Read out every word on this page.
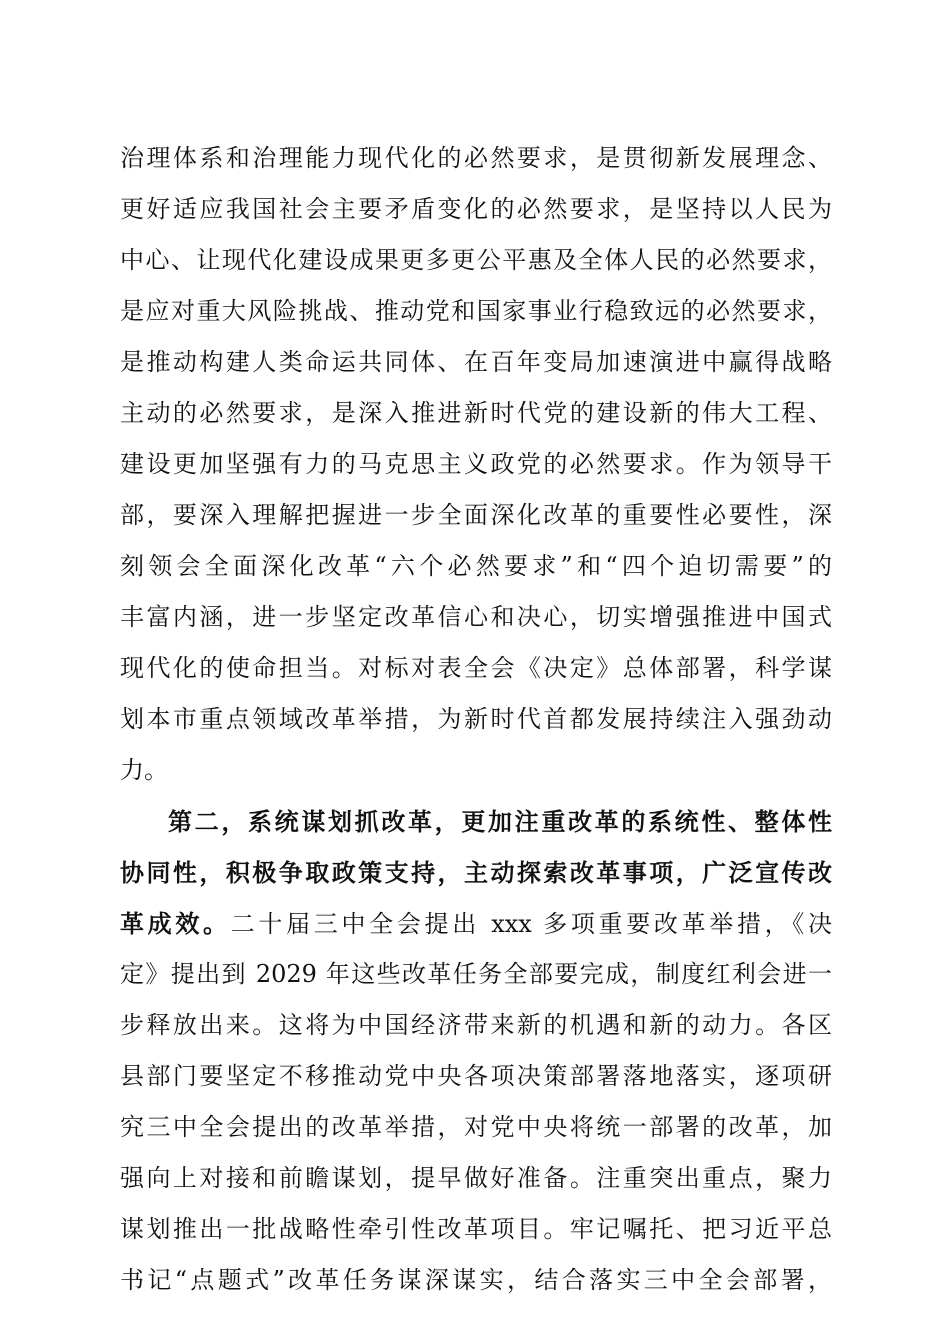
治理体系和治理能力现代化的必然要求，是贯彻新发展理念、
更好适应我国社会主要矛盾变化的必然要求，是坚持以人民为
中心、让现代化建设成果更多更公平惠及全体人民的必然要求，
是应对重大风险挑战、推动党和国家事业行稳致远的必然要求，
是推动构建人类命运共同体、在百年变局加速演进中赢得战略
主动的必然要求，是深入推进新时代党的建设新的伟大工程、
建设更加坚强有力的马克思主义政党的必然要求。作为领导干
部，要深入理解把握进一步全面深化改革的重要性必要性，深
刻领会全面深化改革“六个必然要求”和“四个迫切需要”的
丰富内涵，进一步坚定改革信心和决心，切实增强推进中国式
现代化的使命担当。对标对表全会《决定》总体部署，科学谋
划本市重点领域改革举措，为新时代首都发展持续注入强劲动
力。
第二，系统谋划抓改革，更加注重改革的系统性、整体性
协同性，积极争取政策支持，主动探索改革事项，广泛宣传改
革成效。二十届三中全会提出 xxx 多项重要改革举措，《决
定》提出到 2029 年这些改革任务全部要完成，制度红利会进一
步释放出来。这将为中国经济带来新的机遇和新的动力。各区
县部门要坚定不移推动党中央各项决策部署落地落实，逐项研
究三中全会提出的改革举措，对党中央将统一部署的改革，加
强向上对接和前瞻谋划，提早做好准备。注重突出重点，聚力
谋划推出一批战略性牵引性改革项目。牢记嘱托、把习近平总
书记“点题式”改革任务谋深谋实，结合落实三中全会部署，
